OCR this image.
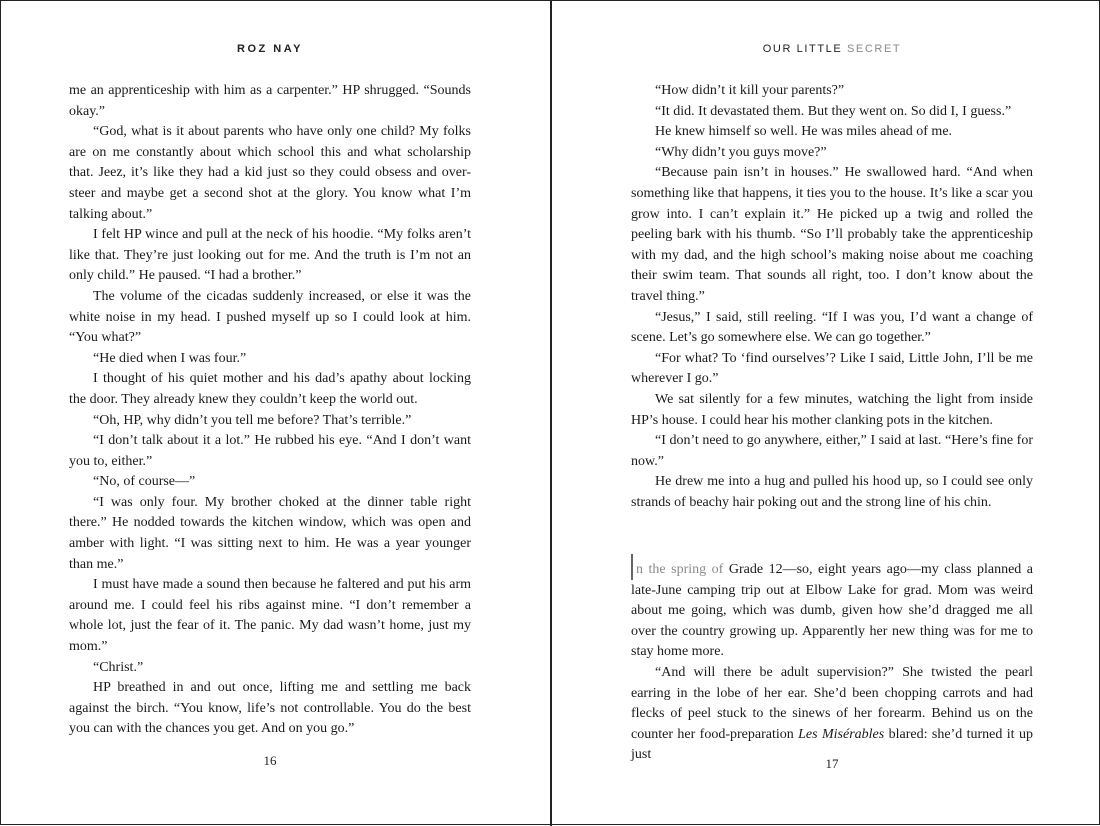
ROZ NAY

me an apprenticeship with him as a carpenter.” HP shrugged. “Sounds okay.”

“God, what is it about parents who have only one child? My folks are on me constantly about which school this and what scholarship that. Jeez, it’s like they had a kid just so they could obsess and over-steer and maybe get a second shot at the glory. You know what I’m talking about.”

I felt HP wince and pull at the neck of his hoodie. “My folks aren’t like that. They’re just looking out for me. And the truth is I’m not an only child.” He paused. “I had a brother.”

The volume of the cicadas suddenly increased, or else it was the white noise in my head. I pushed myself up so I could look at him. “You what?”

“He died when I was four.”

I thought of his quiet mother and his dad’s apathy about locking the door. They already knew they couldn’t keep the world out.

“Oh, HP, why didn’t you tell me before? That’s terrible.”

“I don’t talk about it a lot.” He rubbed his eye. “And I don’t want you to, either.”

“No, of course—”

“I was only four. My brother choked at the dinner table right there.” He nodded towards the kitchen window, which was open and amber with light. “I was sitting next to him. He was a year younger than me.”

I must have made a sound then because he faltered and put his arm around me. I could feel his ribs against mine. “I don’t remember a whole lot, just the fear of it. The panic. My dad wasn’t home, just my mom.”

“Christ.”

HP breathed in and out once, lifting me and settling me back against the birch. “You know, life’s not controllable. You do the best you can with the chances you get. And on you go.”

16
OUR LITTLE SECRET

“How didn’t it kill your parents?”

“It did. It devastated them. But they went on. So did I, I guess.”

He knew himself so well. He was miles ahead of me.

“Why didn’t you guys move?”

“Because pain isn’t in houses.” He swallowed hard. “And when something like that happens, it ties you to the house. It’s like a scar you grow into. I can’t explain it.” He picked up a twig and rolled the peeling bark with his thumb. “So I’ll probably take the apprenticeship with my dad, and the high school’s making noise about me coaching their swim team. That sounds all right, too. I don’t know about the travel thing.”

“Jesus,” I said, still reeling. “If I was you, I’d want a change of scene. Let’s go somewhere else. We can go together.”

“For what? To ‘find ourselves’? Like I said, Little John, I’ll be me wherever I go.”

We sat silently for a few minutes, watching the light from inside HP’s house. I could hear his mother clanking pots in the kitchen.

“I don’t need to go anywhere, either,” I said at last. “Here’s fine for now.”

He drew me into a hug and pulled his hood up, so I could see only strands of beachy hair poking out and the strong line of his chin.

n the spring of Grade 12—so, eight years ago—my class planned a late-June camping trip out at Elbow Lake for grad. Mom was weird about me going, which was dumb, given how she’d dragged me all over the country growing up. Apparently her new thing was for me to stay home more.

“And will there be adult supervision?” She twisted the pearl earring in the lobe of her ear. She’d been chopping carrots and had flecks of peel stuck to the sinews of her forearm. Behind us on the counter her food-preparation Les Misérables blared: she’d turned it up just

17
